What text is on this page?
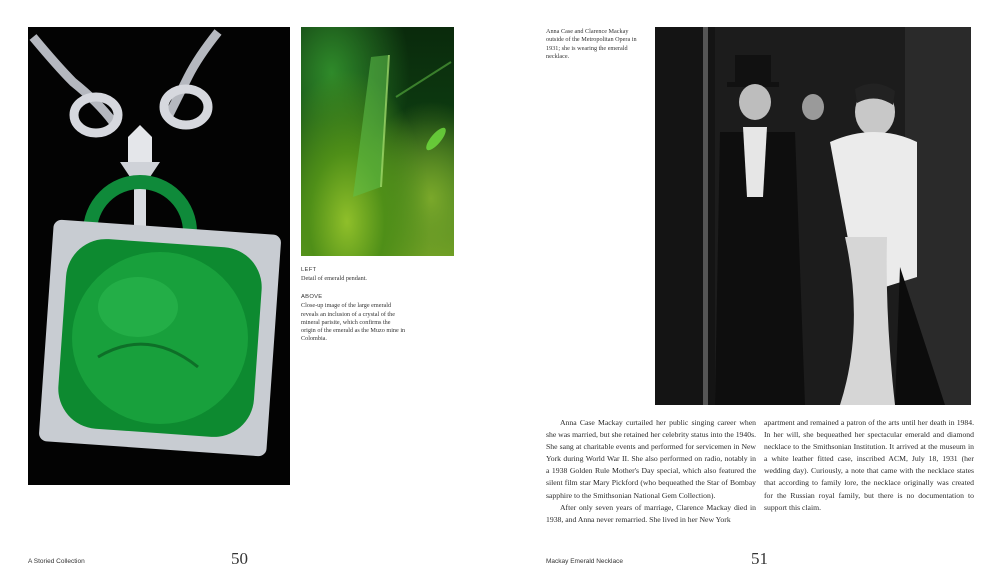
LEFT
Detail of emerald pendant.
ABOVE
Close-up image of the large emerald reveals an inclusion of a crystal of the mineral parisite, which confirms the origin of the emerald as the Muzo mine in Colombia.
A Storied Collection	50
Anna Case and Clarence Mackay outside of the Metropolitan Opera in 1931; she is wearing the emerald necklace.

Anna Case Mackay curtailed her public singing career when she was married, but she retained her celebrity status into the 1940s. She sang at charitable events and performed for servicemen in New York during World War II. She also performed on radio, notably in a 1938 Golden Rule Mother's Day special, which also featured the silent film star Mary Pickford (who bequeathed the Star of Bombay sapphire to the Smithsonian National Gem Collection).

After only seven years of marriage, Clarence Mackay died in 1938, and Anna never remarried. She lived in her New York

apartment and remained a patron of the arts until her death in 1984. In her will, she bequeathed her spectacular emerald and diamond necklace to the Smithsonian Institution. It arrived at the museum in a white leather fitted case, inscribed ACM, July 18, 1931 (her wedding day). Curiously, a note that came with the necklace states that according to family lore, the necklace originally was created for the Russian royal family, but there is no documentation to support this claim.

Mackay Emerald Necklace	51
